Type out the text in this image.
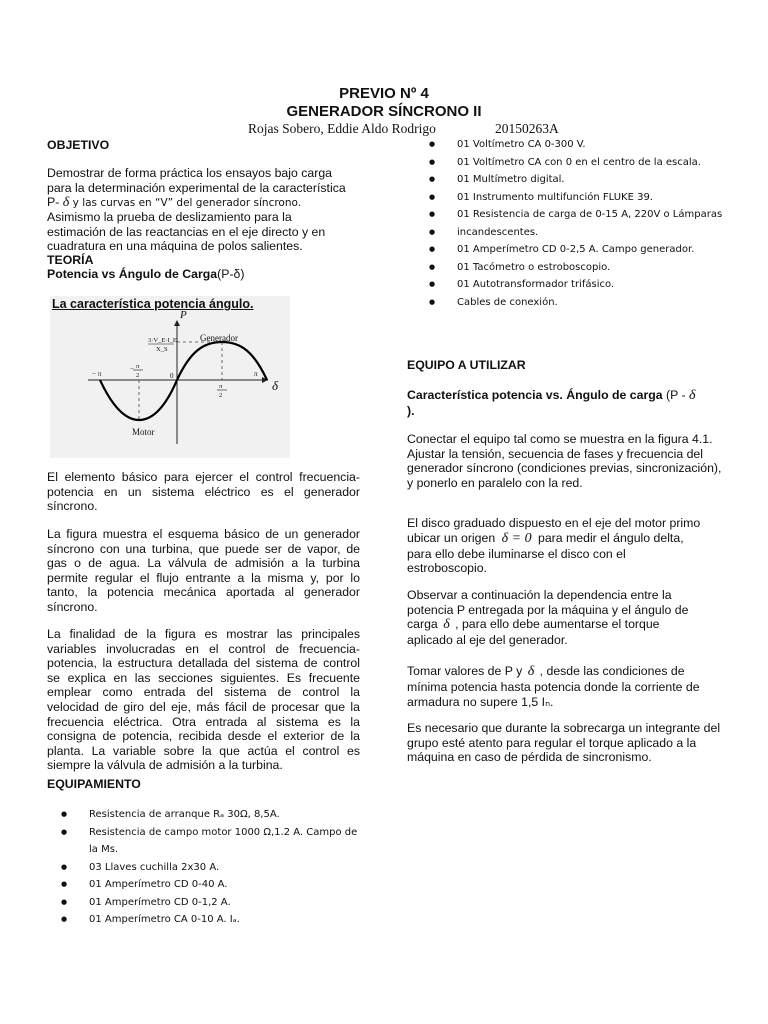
PREVIO Nº 4
GENERADOR SÍNCRONO II
Rojas Sobero, Eddie Aldo Rodrigo	20150263A
OBJETIVO
Demostrar de forma práctica los ensayos bajo carga
para la determinación experimental de la característica
P- δ y las curvas en “V” del generador síncrono.
Asimismo la prueba de deslizamiento para la
estimación de las reactancias en el eje directo y en
cuadratura en una máquina de polos salientes.
TEORÍA
Potencia vs Ángulo de Carga(P-δ)
La característica potencia ángulo.
P
δ
Generador
Motor
3·V_E·I_E
X_S
− π
π
2
−
0
π
2
π
El elemento básico para ejercer el control frecuencia-potencia en un sistema eléctrico es el generador síncrono.
La figura muestra el esquema básico de un generador síncrono con una turbina, que puede ser de vapor, de gas o de agua. La válvula de admisión a la turbina permite regular el flujo entrante a la misma y, por lo tanto, la potencia mecánica aportada al generador síncrono.
La finalidad de la figura es mostrar las principales variables involucradas en el control de frecuencia-potencia, la estructura detallada del sistema de control se explica en las secciones siguientes. Es frecuente emplear como entrada del sistema de control la velocidad de giro del eje, más fácil de procesar que la frecuencia eléctrica. Otra entrada al sistema es la consigna de potencia, recibida desde el exterior de la planta. La variable sobre la que actúa el control es siempre la válvula de admisión a la turbina.
EQUIPAMIENTO
● Resistencia de arranque Rₐ 30Ω, 8,5A.
● Resistencia de campo motor 1000 Ω,1.2 A. Campo de la Ms.
● 03 Llaves cuchilla 2x30 A.
● 01 Amperímetro CD 0-40 A.
● 01 Amperímetro CD 0-1,2 A.
● 01 Amperímetro CA 0-10 A. Iₐ.
● 01 Voltímetro CA 0-300 V.
● 01 Voltímetro CA con 0 en el centro de la escala.
● 01 Multímetro digital.
● 01 Instrumento multifunción FLUKE 39.
● 01 Resistencia de carga de 0-15 A, 220V o Lámparas
● incandescentes.
● 01 Amperímetro CD 0-2,5 A. Campo generador.
● 01 Tacómetro o estroboscopio.
● 01 Autotransformador trifásico.
● Cables de conexión.
EQUIPO A UTILIZAR
Característica potencia vs. Ángulo de carga (P - δ
).
Conectar el equipo tal como se muestra en la figura 4.1. Ajustar la tensión, secuencia de fases y frecuencia del generador síncrono (condiciones previas, sincronización), y ponerlo en paralelo con la red.
El disco graduado dispuesto en el eje del motor primo
ubicar un origen δ = 0 para medir el ángulo delta,
para ello debe iluminarse el disco con el
estroboscopio.
Observar a continuación la dependencia entre la
potencia P entregada por la máquina y el ángulo de
carga δ , para ello debe aumentarse el torque
aplicado al eje del generador.
Tomar valores de P y δ , desde las condiciones de
mínima potencia hasta potencia donde la corriente de
armadura no supere 1,5 Iₙ.
Es necesario que durante la sobrecarga un integrante del grupo esté atento para regular el torque aplicado a la máquina en caso de pérdida de sincronismo.
